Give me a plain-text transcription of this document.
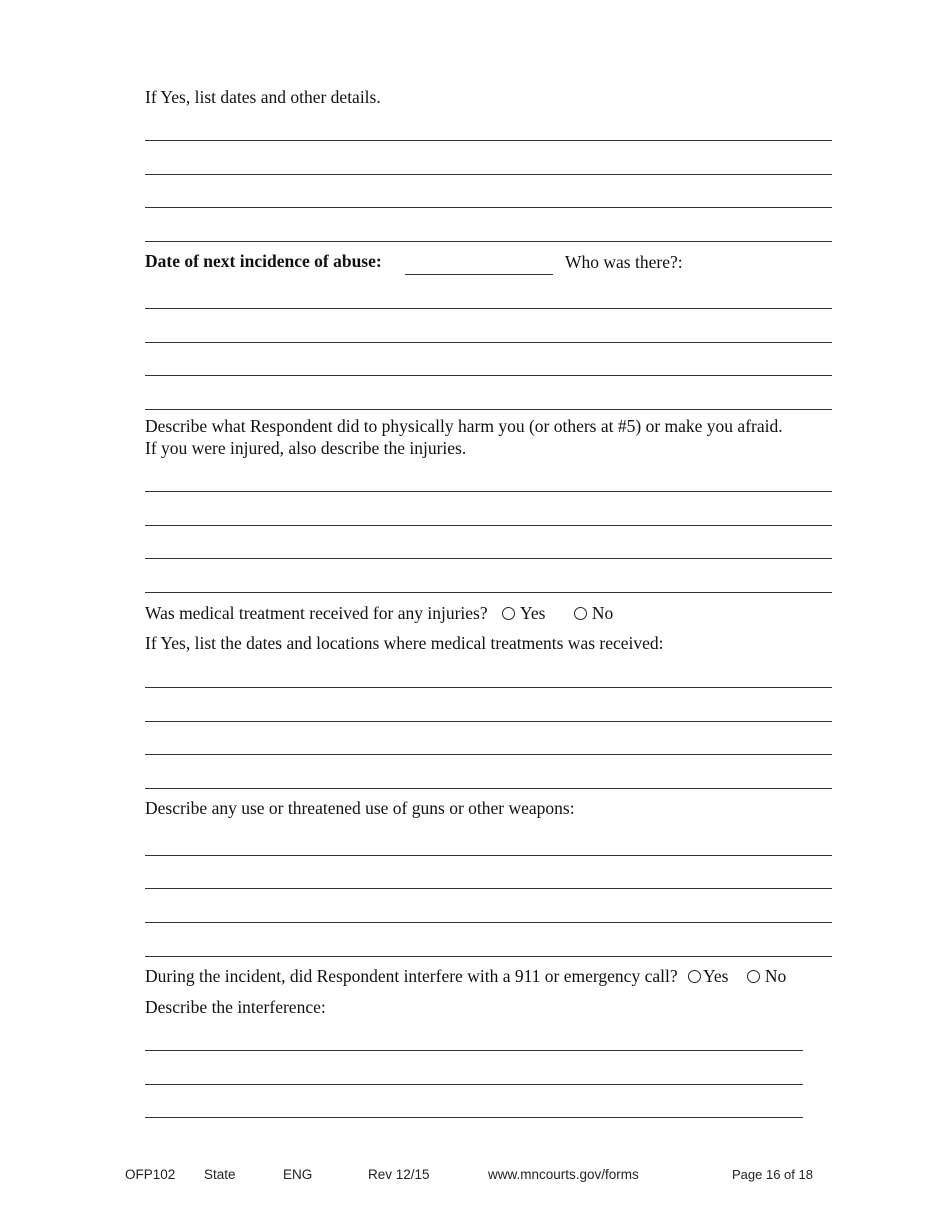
If Yes, list dates and other details.
Date of next incidence of abuse:	Who was there?:
Describe what Respondent did to physically harm you (or others at #5) or make you afraid.
If you were injured, also describe the injuries.
Was medical treatment received for any injuries? Yes	No
If Yes, list the dates and locations where medical treatments was received:
Describe any use or threatened use of guns or other weapons:
During the incident, did Respondent interfere with a 911 or emergency call? Yes No
Describe the interference:
OFP102 State	ENG	Rev 12/15	www.mncourts.gov/forms	Page 16 of 18
